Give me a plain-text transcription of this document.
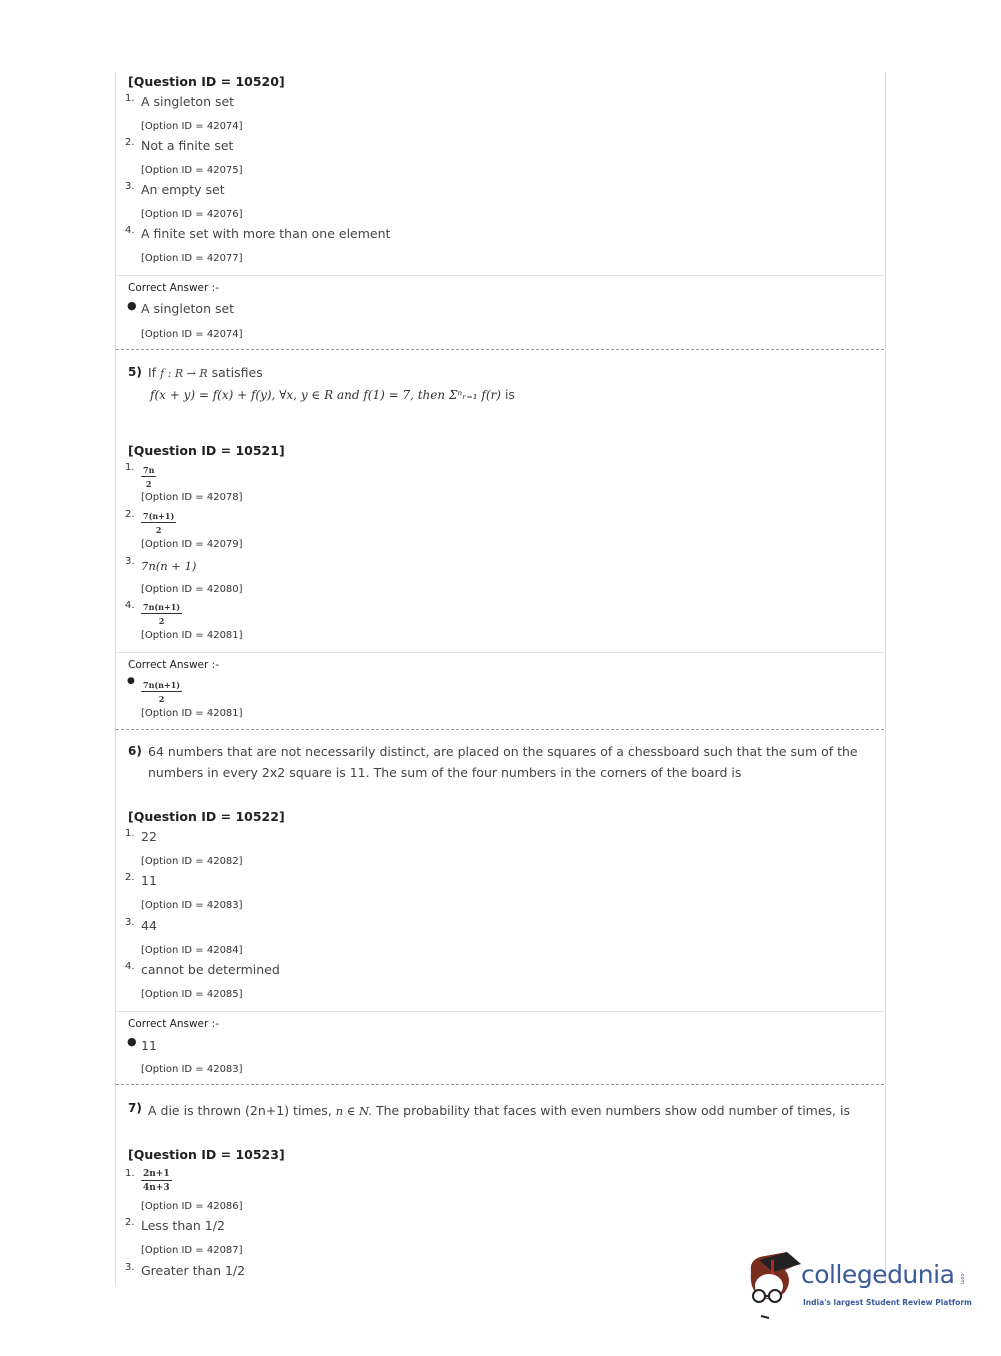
[Question ID = 10520]
1. A singleton set
[Option ID = 42074]
2. Not a finite set
[Option ID = 42075]
3. An empty set
[Option ID = 42076]
4. A finite set with more than one element
[Option ID = 42077]
Correct Answer :-
● A singleton set
[Option ID = 42074]
5) If f : R → R satisfies
f(x + y) = f(x) + f(y), ∀x, y ∈ R and f(1) = 7, then Σⁿᵣ₌₁ f(r) is
[Question ID = 10521]
1. $\frac{7n}{2}$
[Option ID = 42078]
2. $\frac{7(n+1)}{2}$
[Option ID = 42079]
3. 7n(n + 1)
[Option ID = 42080]
4. $\frac{7n(n+1)}{2}$
[Option ID = 42081]
Correct Answer :-
● $\frac{7n(n+1)}{2}$
[Option ID = 42081]
6) 64 numbers that are not necessarily distinct, are placed on the squares of a chessboard such that the sum of the
numbers in every 2x2 square is 11. The sum of the four numbers in the corners of the board is
[Question ID = 10522]
1. 22
[Option ID = 42082]
2. 11
[Option ID = 42083]
3. 44
[Option ID = 42084]
4. cannot be determined
[Option ID = 42085]
Correct Answer :-
● 11
[Option ID = 42083]
7) A die is thrown (2n+1) times, n ∈ N. The probability that faces with even numbers show odd number of times, is
[Question ID = 10523]
1. $\frac{2n+1}{4n+3}$
[Option ID = 42086]
2. Less than 1/2
[Option ID = 42087]
3. Greater than 1/2	collegedunia .com
India's largest Student Review Platform
